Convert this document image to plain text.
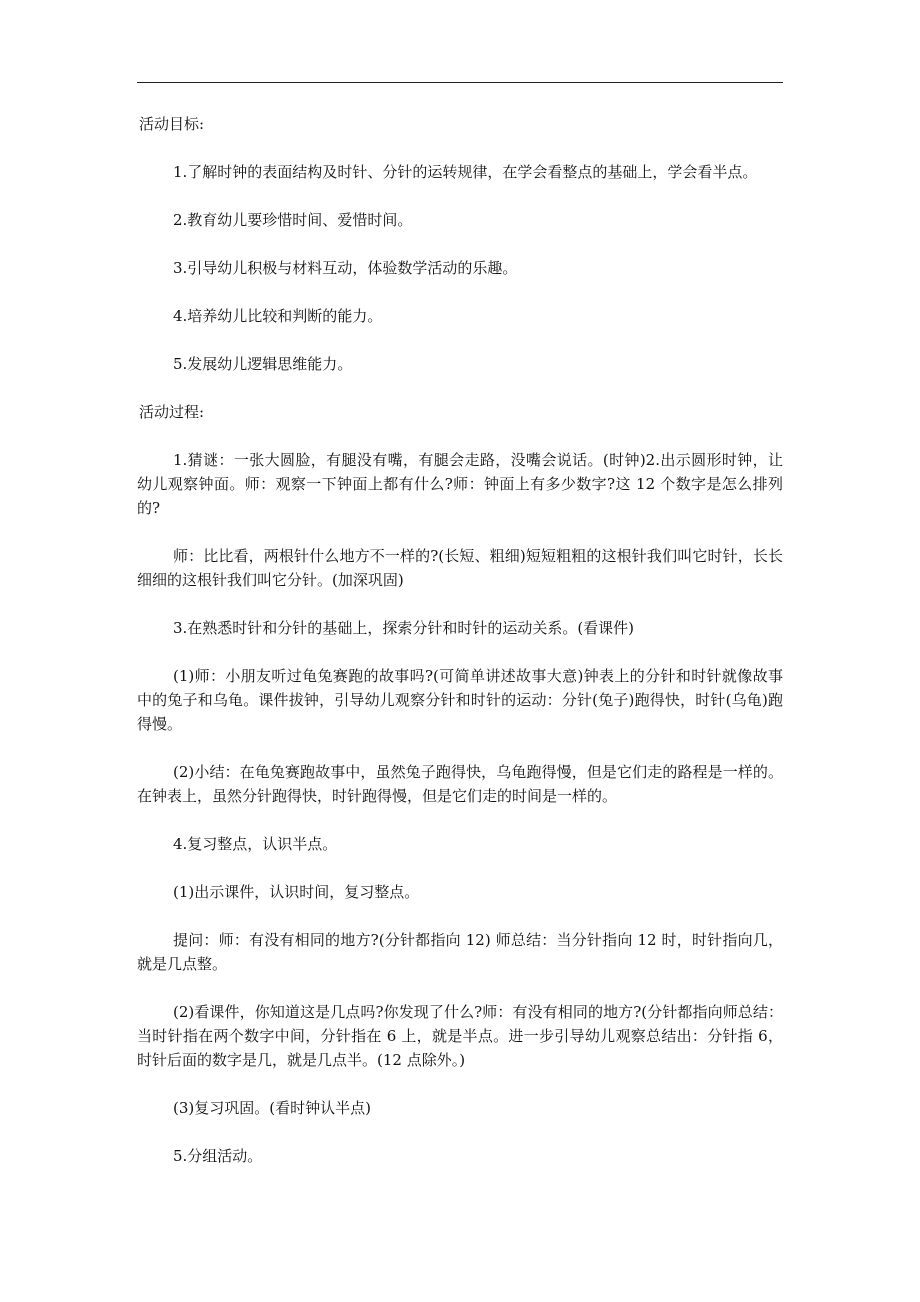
活动目标:

1.了解时钟的表面结构及时针、分针的运转规律，在学会看整点的基础上，学会看半点。

2.教育幼儿要珍惜时间、爱惜时间。

3.引导幼儿积极与材料互动，体验数学活动的乐趣。

4.培养幼儿比较和判断的能力。

5.发展幼儿逻辑思维能力。

活动过程:

1.猜谜：一张大圆脸，有腿没有嘴，有腿会走路，没嘴会说话。(时钟)2.出示圆形时钟，让幼儿观察钟面。师：观察一下钟面上都有什么?师：钟面上有多少数字?这 12 个数字是怎么排列的?

师：比比看，两根针什么地方不一样的?(长短、粗细)短短粗粗的这根针我们叫它时针，长长细细的这根针我们叫它分针。(加深巩固)

3.在熟悉时针和分针的基础上，探索分针和时针的运动关系。(看课件)

(1)师：小朋友听过龟兔赛跑的故事吗?(可简单讲述故事大意)钟表上的分针和时针就像故事中的兔子和乌龟。课件拔钟，引导幼儿观察分针和时针的运动：分针(兔子)跑得快，时针(乌龟)跑得慢。

(2)小结：在龟兔赛跑故事中，虽然兔子跑得快，乌龟跑得慢，但是它们走的路程是一样的。在钟表上，虽然分针跑得快，时针跑得慢，但是它们走的时间是一样的。

4.复习整点，认识半点。

(1)出示课件，认识时间，复习整点。

提问：师：有没有相同的地方?(分针都指向 12) 师总结：当分针指向 12 时，时针指向几，就是几点整。

(2)看课件，你知道这是几点吗?你发现了什么?师：有没有相同的地方?(分针都指向师总结：当时针指在两个数字中间，分针指在 6 上，就是半点。进一步引导幼儿观察总结出：分针指 6，时针后面的数字是几，就是几点半。(12 点除外。)

(3)复习巩固。(看时钟认半点)

5.分组活动。
